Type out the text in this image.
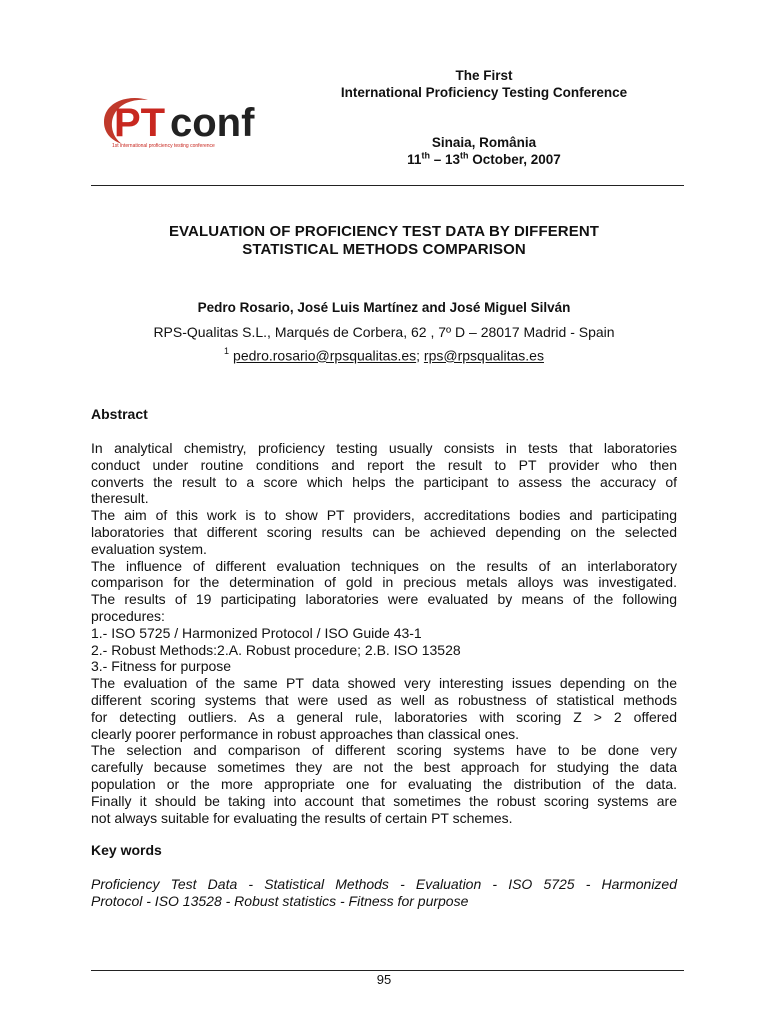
PT conf
1st international proficiency testing conference
The First
International Proficiency Testing Conference
Sinaia, România
11th – 13th October, 2007
EVALUATION OF PROFICIENCY TEST DATA BY DIFFERENT
STATISTICAL METHODS COMPARISON
Pedro Rosario, José Luis Martínez and José Miguel Silván
RPS-Qualitas S.L., Marqués de Corbera, 62 , 7º D – 28017 Madrid - Spain
$^1$ pedro.rosario@rpsqualitas.es; rps@rpsqualitas.es
Abstract

In analytical chemistry, proficiency testing usually consists in tests that laboratories

conduct under routine conditions and report the result to PT provider who then

converts the result to a score which helps the participant to assess the accuracy of

theresult.

The aim of this work is to show PT providers, accreditations bodies and participating

laboratories that different scoring results can be achieved depending on the selected

evaluation system.

The influence of different evaluation techniques on the results of an interlaboratory

comparison for the determination of gold in precious metals alloys was investigated.

The results of 19 participating laboratories were evaluated by means of the following

procedures:

1.- ISO 5725 / Harmonized Protocol / ISO Guide 43-1

2.- Robust Methods:2.A. Robust procedure; 2.B. ISO 13528

3.- Fitness for purpose

The evaluation of the same PT data showed very interesting issues depending on the

different scoring systems that were used as well as robustness of statistical methods

for detecting outliers. As a general rule, laboratories with scoring Z > 2 offered

clearly poorer performance in robust approaches than classical ones.

The selection and comparison of different scoring systems have to be done very

carefully because sometimes they are not the best approach for studying the data

population or the more appropriate one for evaluating the distribution of the data.

Finally it should be taking into account that sometimes the robust scoring systems are

not always suitable for evaluating the results of certain PT schemes.

Key words

Proficiency Test Data - Statistical Methods - Evaluation - ISO 5725 - Harmonized

Protocol - ISO 13528 - Robust statistics - Fitness for purpose

95
